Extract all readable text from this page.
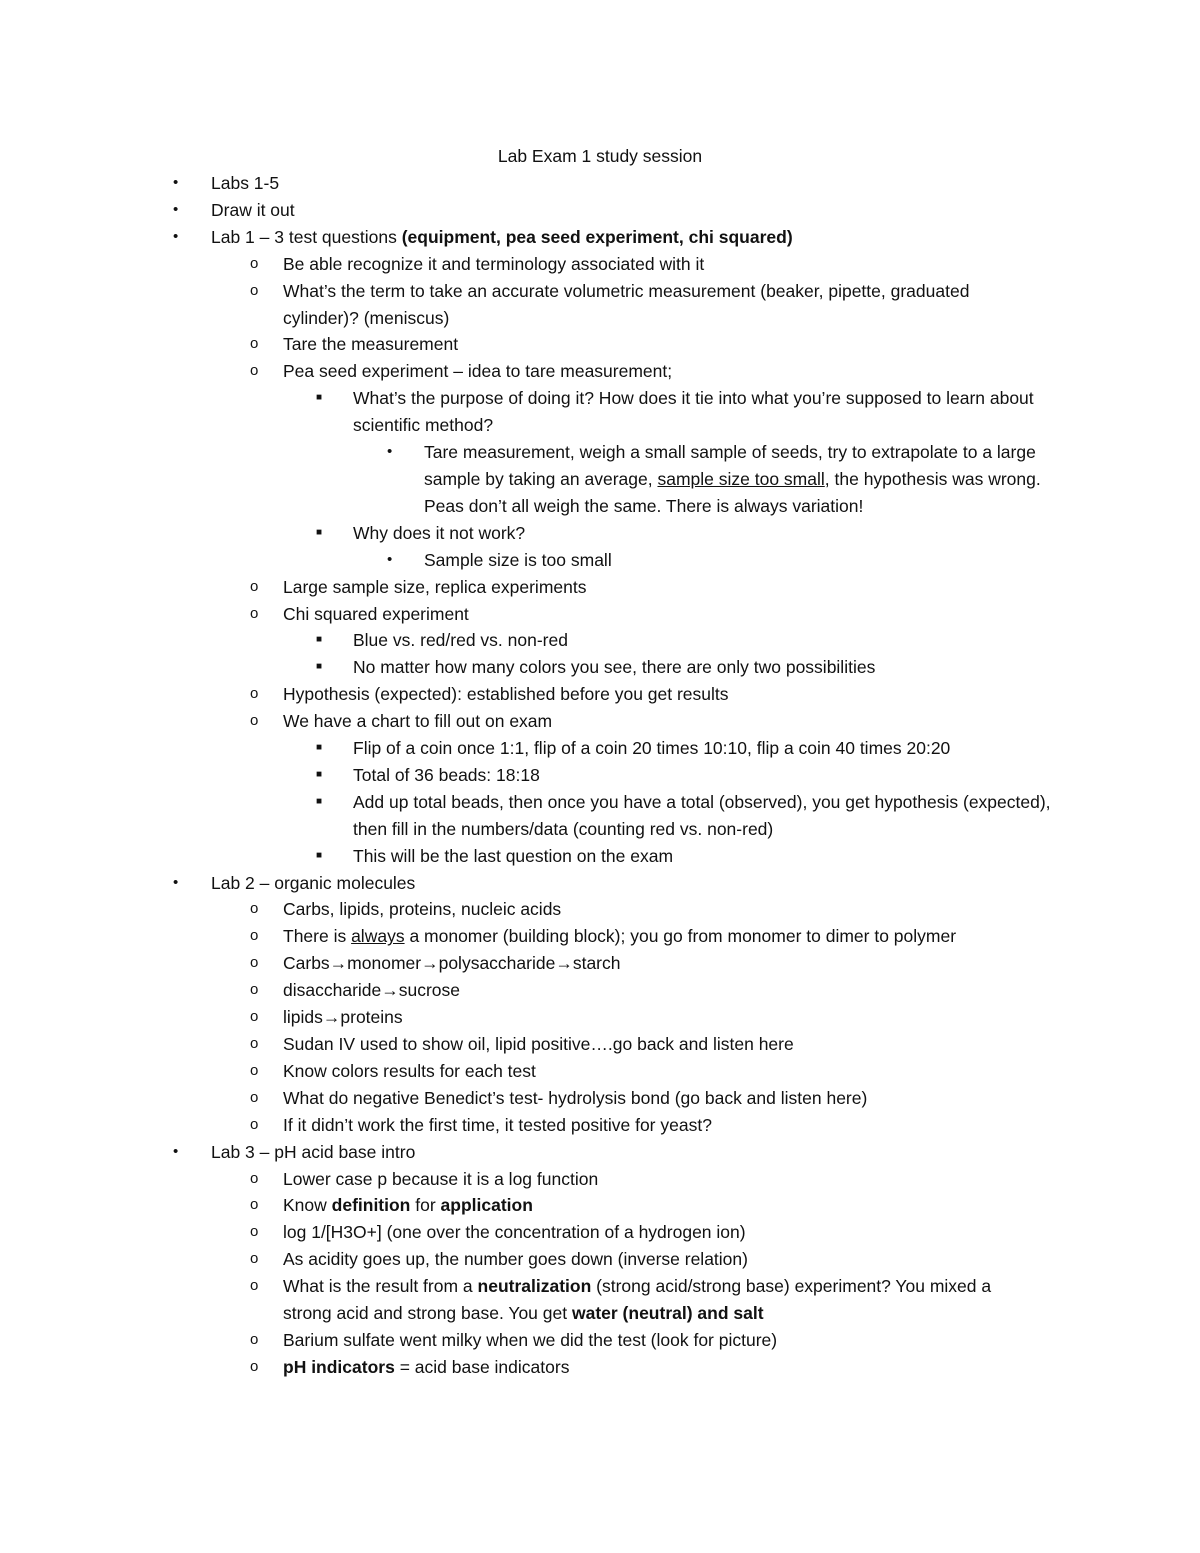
Lab Exam 1 study session
• Labs 1-5
• Draw it out
• Lab 1 – 3 test questions (equipment, pea seed experiment, chi squared)
o Be able recognize it and terminology associated with it
o What’s the term to take an accurate volumetric measurement (beaker, pipette, graduated cylinder)? (meniscus)
o Tare the measurement
o Pea seed experiment – idea to tare measurement;
■ What’s the purpose of doing it? How does it tie into what you’re supposed to learn about scientific method?
• Tare measurement, weigh a small sample of seeds, try to extrapolate to a large sample by taking an average, sample size too small, the hypothesis was wrong. Peas don’t all weigh the same. There is always variation!
■ Why does it not work?
• Sample size is too small
o Large sample size, replica experiments
o Chi squared experiment
■ Blue vs. red/red vs. non-red
■ No matter how many colors you see, there are only two possibilities
o Hypothesis (expected): established before you get results
o We have a chart to fill out on exam
■ Flip of a coin once 1:1, flip of a coin 20 times 10:10, flip a coin 40 times 20:20
■ Total of 36 beads: 18:18
■ Add up total beads, then once you have a total (observed), you get hypothesis (expected), then fill in the numbers/data (counting red vs. non-red)
■ This will be the last question on the exam
• Lab 2 – organic molecules
o Carbs, lipids, proteins, nucleic acids
o There is always a monomer (building block); you go from monomer to dimer to polymer
o Carbs→monomer→polysaccharide→starch
o disaccharide→sucrose
o lipids→proteins
o Sudan IV used to show oil, lipid positive….go back and listen here
o Know colors results for each test
o What do negative Benedict’s test- hydrolysis bond (go back and listen here)
o If it didn’t work the first time, it tested positive for yeast?
• Lab 3 – pH acid base intro
o Lower case p because it is a log function
o Know definition for application
o log 1/[H3O+] (one over the concentration of a hydrogen ion)
o As acidity goes up, the number goes down (inverse relation)
o What is the result from a neutralization (strong acid/strong base) experiment? You mixed a strong acid and strong base. You get water (neutral) and salt
o Barium sulfate went milky when we did the test (look for picture)
o pH indicators = acid base indicators
